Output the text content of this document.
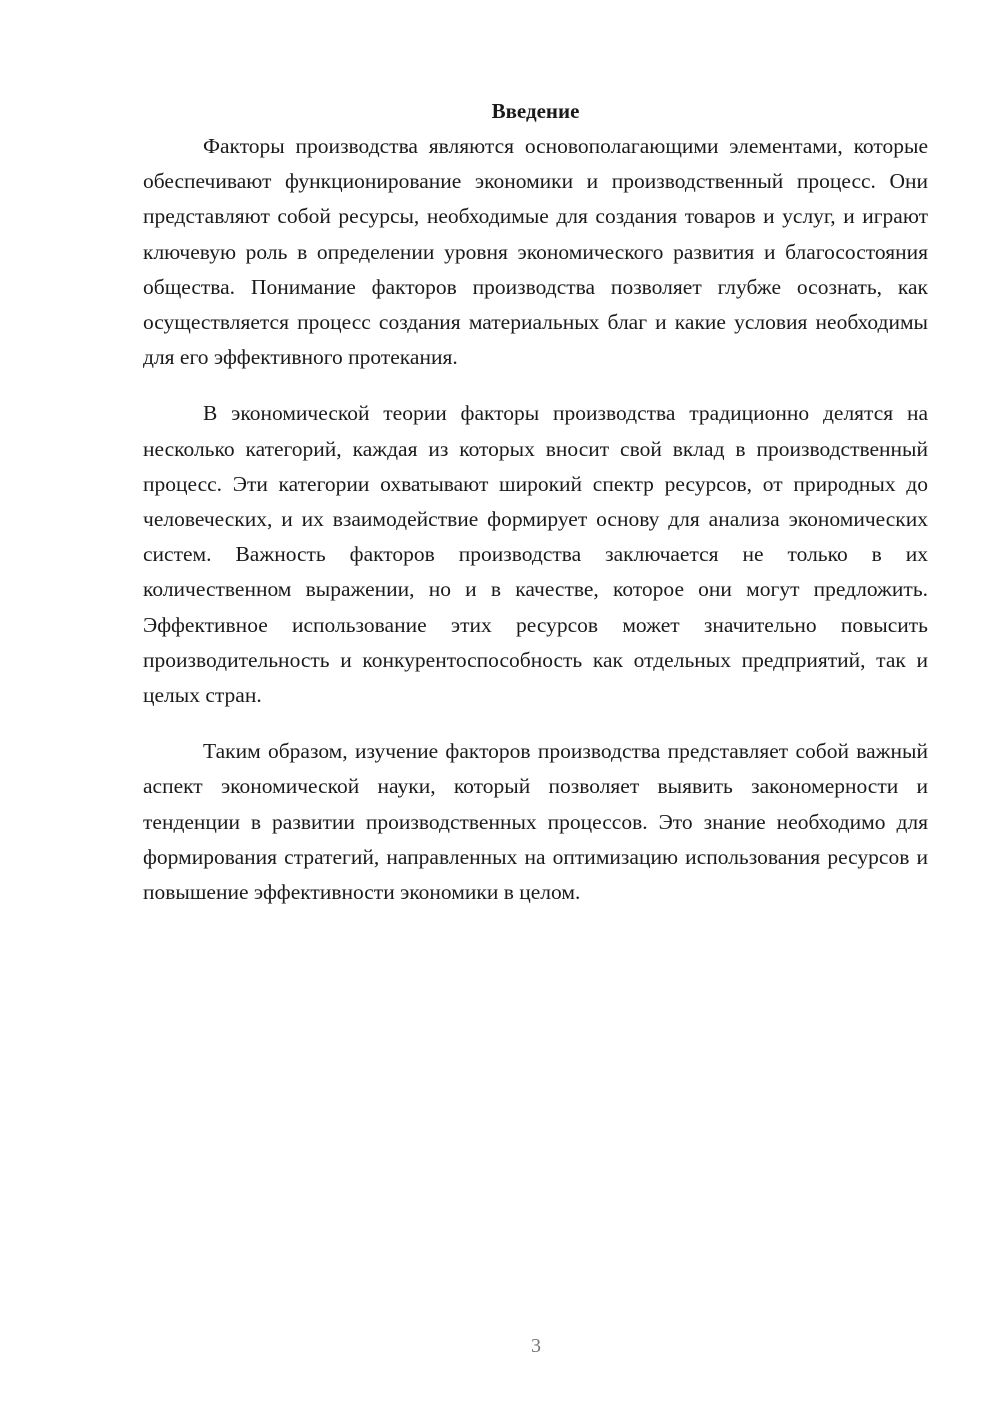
Введение

Факторы производства являются основополагающими элементами, которые обеспечивают функционирование экономики и производственный процесс. Они представляют собой ресурсы, необходимые для создания товаров и услуг, и играют ключевую роль в определении уровня экономического развития и благосостояния общества. Понимание факторов производства позволяет глубже осознать, как осуществляется процесс создания материальных благ и какие условия необходимы для его эффективного протекания.

В экономической теории факторы производства традиционно делятся на несколько категорий, каждая из которых вносит свой вклад в производственный процесс. Эти категории охватывают широкий спектр ресурсов, от природных до человеческих, и их взаимодействие формирует основу для анализа экономических систем. Важность факторов производства заключается не только в их количественном выражении, но и в качестве, которое они могут предложить. Эффективное использование этих ресурсов может значительно повысить производительность и конкурентоспособность как отдельных предприятий, так и целых стран.

Таким образом, изучение факторов производства представляет собой важный аспект экономической науки, который позволяет выявить закономерности и тенденции в развитии производственных процессов. Это знание необходимо для формирования стратегий, направленных на оптимизацию использования ресурсов и повышение эффективности экономики в целом.

3
